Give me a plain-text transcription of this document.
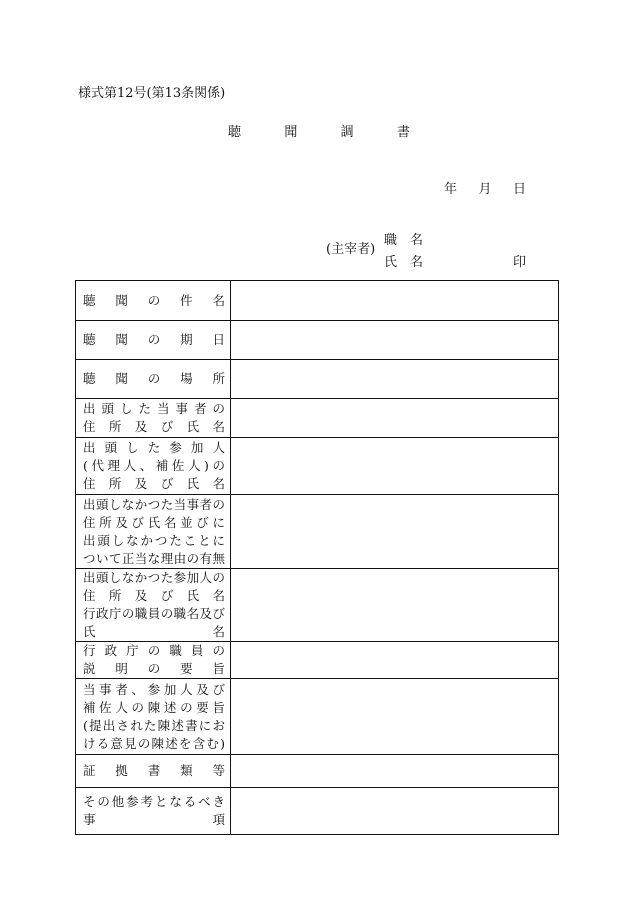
様式第12号(第13条関係)
聴　聞　調　書
年　月　日
(主宰者)
職　名
氏　名	印
聴聞の件名	

聴聞の期日	

聴聞の場所	

出頭した当事者の
住所及び氏名	

出頭した参加人
(代理人、補佐人)の
住所及び氏名	

出頭しなかつた当事者の
住所及び氏名並びに
出頭しなかつたことに
ついて正当な理由の有無	

出頭しなかつた参加人の
住所及び氏名
行政庁の職員の職名及び
氏名	

行政庁の職員の
説明の要旨	

当事者、参加人及び
補佐人の陳述の要旨
(提出された陳述書にお
ける意見の陳述を含む)	

証拠書類等	

その他参考となるべき
事項	
